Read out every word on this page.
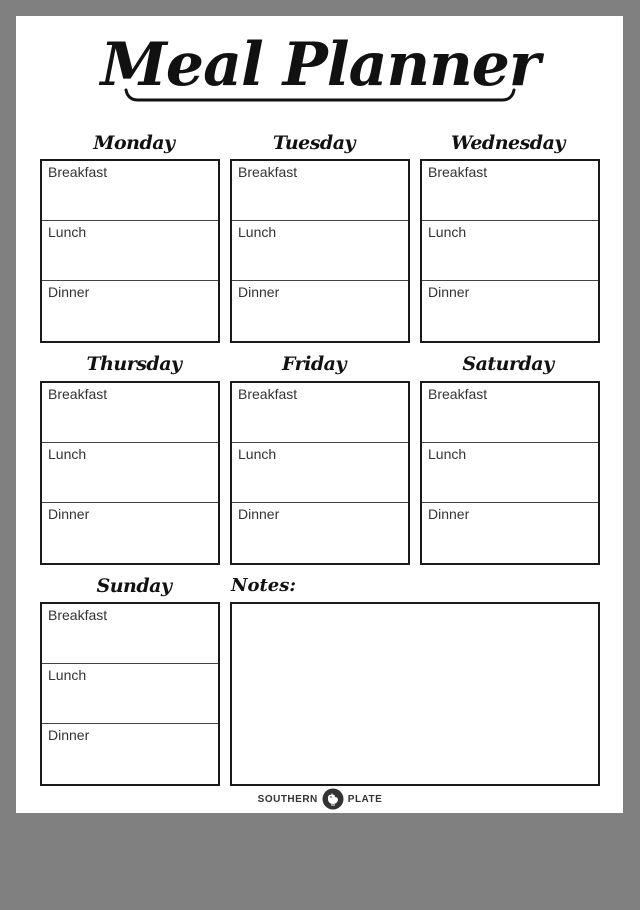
Meal Planner
Monday
Breakfast
Lunch
Dinner
Tuesday
Breakfast
Lunch
Dinner
Wednesday
Breakfast
Lunch
Dinner
Thursday
Breakfast
Lunch
Dinner
Friday
Breakfast
Lunch
Dinner
Saturday
Breakfast
Lunch
Dinner
Sunday
Breakfast
Lunch
Dinner
Notes:
SOUTHERN	PLATE
